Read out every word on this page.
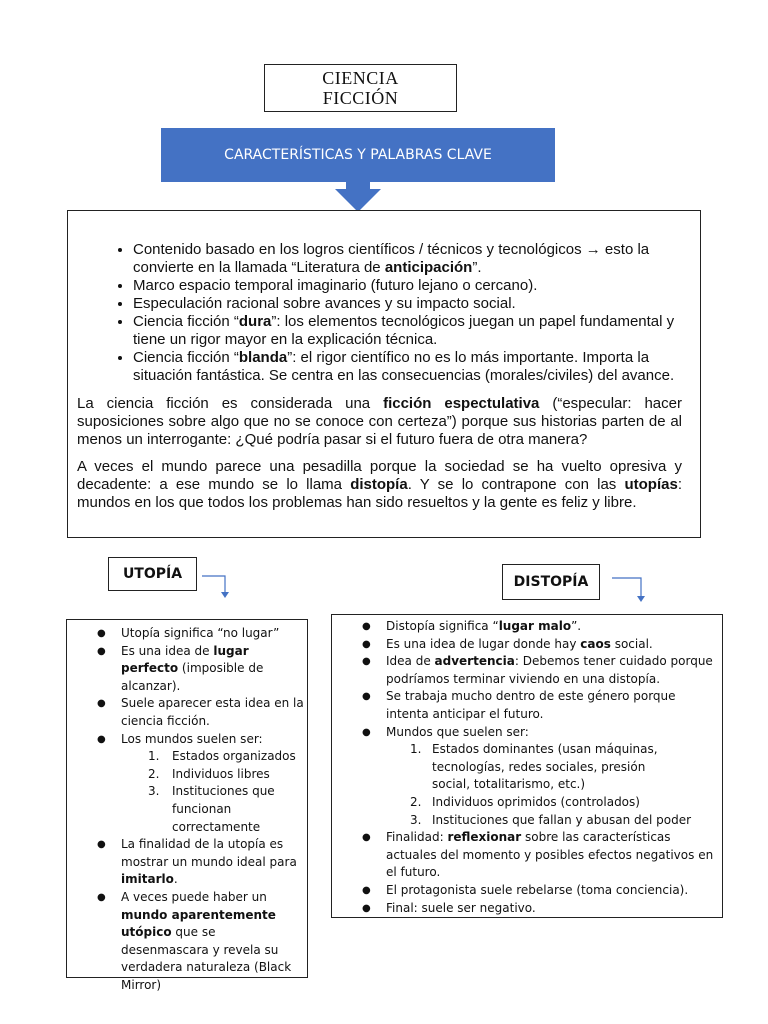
CIENCIA
FICCIÓN
CARACTERÍSTICAS Y PALABRAS CLAVE
• Contenido basado en los logros científicos / técnicos y tecnológicos → esto la convierte en la llamada “Literatura de anticipación”.
• Marco espacio temporal imaginario (futuro lejano o cercano).
• Especulación racional sobre avances y su impacto social.
• Ciencia ficción “dura”: los elementos tecnológicos juegan un papel fundamental y tiene un rigor mayor en la explicación técnica.
• Ciencia ficción “blanda”: el rigor científico no es lo más importante. Importa la situación fantástica. Se centra en las consecuencias (morales/civiles) del avance.

La ciencia ficción es considerada una ficción espectulativa (“especular: hacer suposiciones sobre algo que no se conoce con certeza”) porque sus historias parten de al menos un interrogante: ¿Qué podría pasar si el futuro fuera de otra manera?

A veces el mundo parece una pesadilla porque la sociedad se ha vuelto opresiva y decadente: a ese mundo se lo llama distopía. Y se lo contrapone con las utopías: mundos en los que todos los problemas han sido resueltos y la gente es feliz y libre.

UTOPÍA	DISTOPÍA
● Utopía significa “no lugar”
● Es una idea de lugar perfecto (imposible de alcanzar).
● Suele aparecer esta idea en la ciencia ficción.
● Los mundos suelen ser:
1. Estados organizados
2. Individuos libres
3. Instituciones que funcionan correctamente
● La finalidad de la utopía es mostrar un mundo ideal para imitarlo.
● A veces puede haber un mundo aparentemente utópico que se desenmascara y revela su verdadera naturaleza (Black Mirror)
● Distopía significa “lugar malo”.
● Es una idea de lugar donde hay caos social.
● Idea de advertencia: Debemos tener cuidado porque podríamos terminar viviendo en una distopía.
● Se trabaja mucho dentro de este género porque intenta anticipar el futuro.
● Mundos que suelen ser:
1. Estados dominantes (usan máquinas, tecnologías, redes sociales, presión social, totalitarismo, etc.)
2. Individuos oprimidos (controlados)
3. Instituciones que fallan y abusan del poder
● Finalidad: reflexionar sobre las características actuales del momento y posibles efectos negativos en el futuro.
● El protagonista suele rebelarse (toma conciencia).
● Final: suele ser negativo.
